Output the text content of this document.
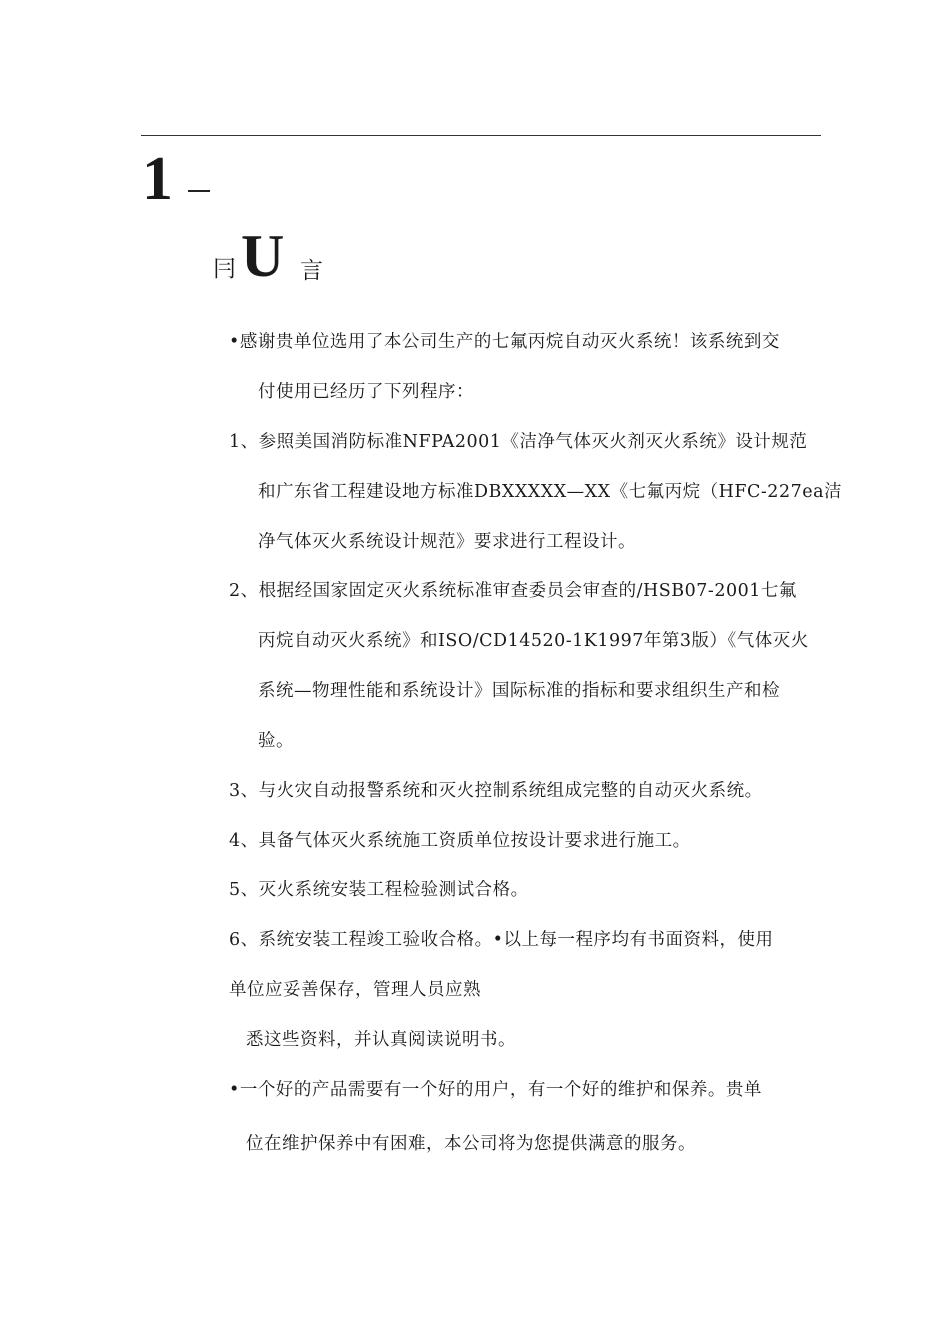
1
冃 U 言
•感谢贵单位选用了本公司生产的七氟丙烷自动灭火系统！该系统到交
付使用已经历了下列程序：
1、参照美国消防标准NFPA2001《洁净气体灭火剂灭火系统》设计规范
和广东省工程建设地方标准DBXXXXX—XX《七氟丙烷（HFC-227ea洁
净气体灭火系统设计规范》要求进行工程设计。
2、根据经国家固定灭火系统标准审查委员会审查的/HSB07-2001七氟
丙烷自动灭火系统》和ISO/CD14520-1K1997年第3版）《气体灭火
系统—物理性能和系统设计》国际标准的指标和要求组织生产和检
验。
3、与火灾自动报警系统和灭火控制系统组成完整的自动灭火系统。
4、具备气体灭火系统施工资质单位按设计要求进行施工。
5、灭火系统安装工程检验测试合格。
6、系统安装工程竣工验收合格。•以上每一程序均有书面资料，使用
单位应妥善保存，管理人员应熟
悉这些资料，并认真阅读说明书。
•一个好的产品需要有一个好的用户，有一个好的维护和保养。贵单
位在维护保养中有困难，本公司将为您提供满意的服务。
